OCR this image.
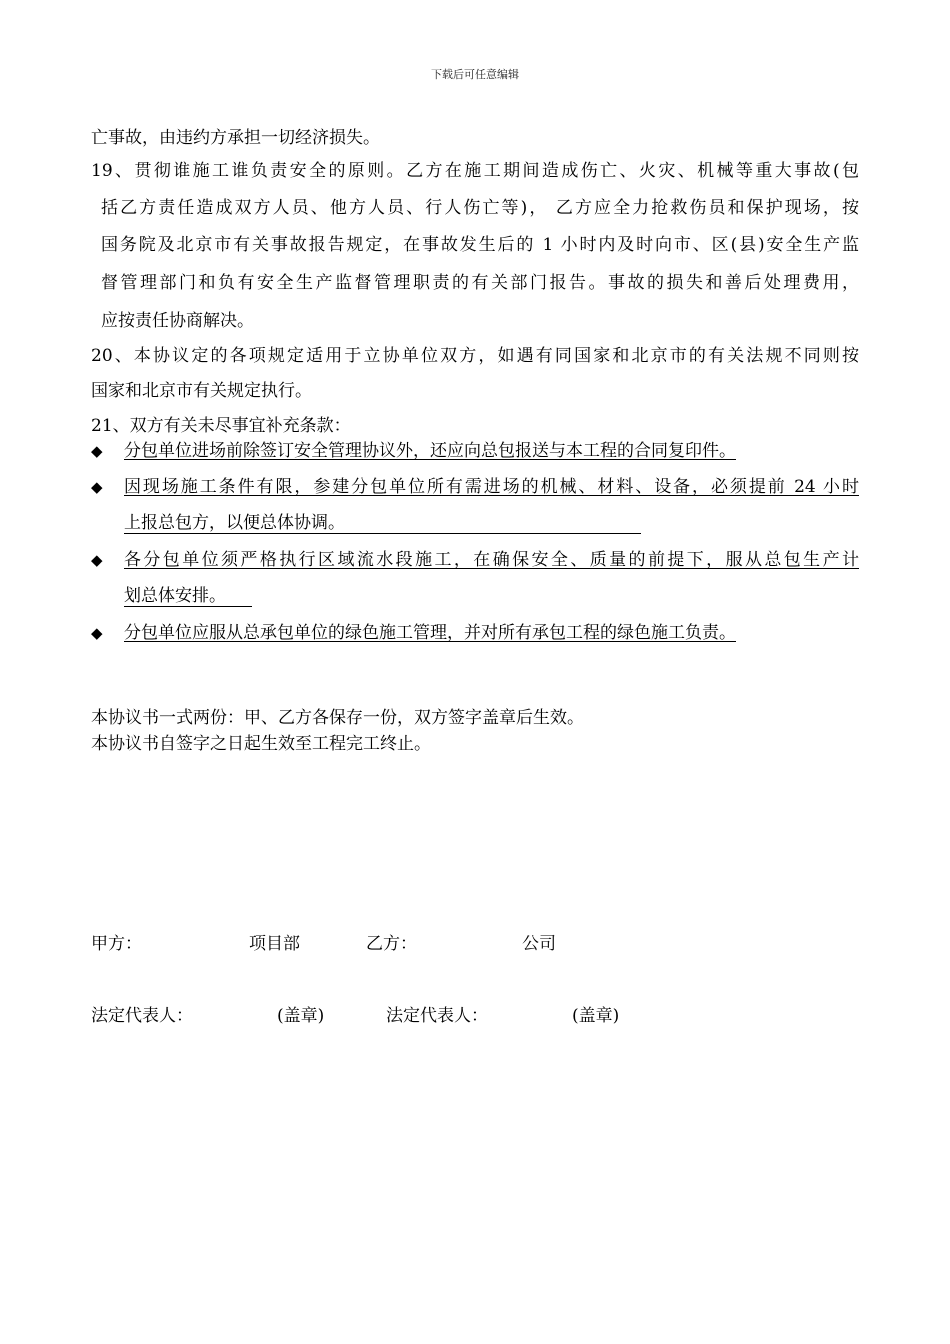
下载后可任意编辑
亡事故，由违约方承担一切经济损失。
19、贯彻谁施工谁负责安全的原则。乙方在施工期间造成伤亡、火灾、机械等重大事故(包
括乙方责任造成双方人员、他方人员、行人伤亡等)， 乙方应全力抢救伤员和保护现场，按
国务院及北京市有关事故报告规定，在事故发生后的 1 小时内及时向市、区(县)安全生产监
督管理部门和负有安全生产监督管理职责的有关部门报告。事故的损失和善后处理费用，
应按责任协商解决。
20、本协议定的各项规定适用于立协单位双方，如遇有同国家和北京市的有关法规不同则按
国家和北京市有关规定执行。
21、双方有关未尽事宜补充条款：
◆ 分包单位进场前除签订安全管理协议外，还应向总包报送与本工程的合同复印件。
◆ 因现场施工条件有限，参建分包单位所有需进场的机械、材料、设备，必须提前 24 小时
上报总包方，以便总体协调。
◆ 各分包单位须严格执行区域流水段施工，在确保安全、质量的前提下，服从总包生产计
划总体安排。
◆ 分包单位应服从总承包单位的绿色施工管理，并对所有承包工程的绿色施工负责。
本协议书一式两份：甲、乙方各保存一份，双方签字盖章后生效。
本协议书自签字之日起生效至工程完工终止。
甲方：	项目部	乙方：	公司
法定代表人：	(盖章)	法定代表人：	(盖章)
